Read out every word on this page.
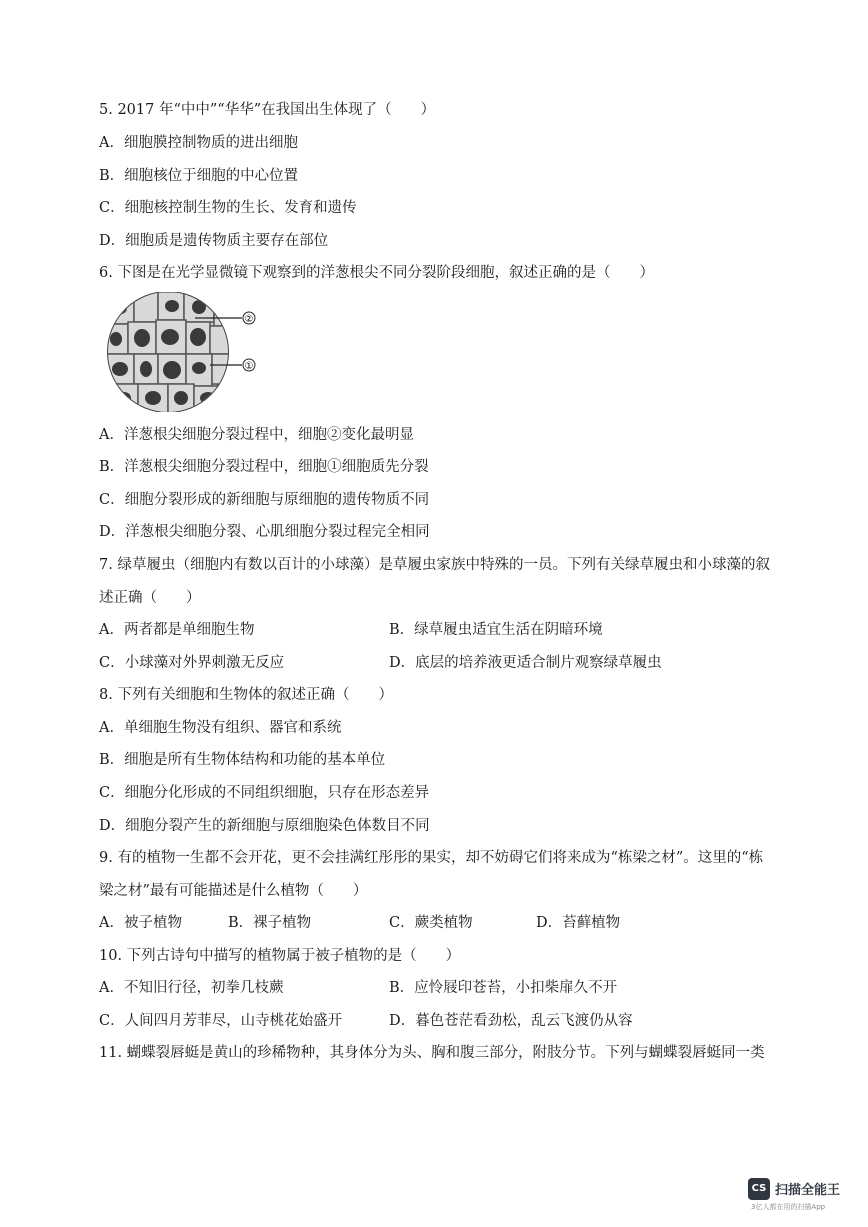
5. 2017 年“中中”“华华”在我国出生体现了（　　）
A．细胞膜控制物质的进出细胞
B．细胞核位于细胞的中心位置
C．细胞核控制生物的生长、发育和遗传
D．细胞质是遗传物质主要存在部位
6. 下图是在光学显微镜下观察到的洋葱根尖不同分裂阶段细胞，叙述正确的是（　　）
②
①
A．洋葱根尖细胞分裂过程中，细胞②变化最明显
B．洋葱根尖细胞分裂过程中，细胞①细胞质先分裂
C．细胞分裂形成的新细胞与原细胞的遗传物质不同
D．洋葱根尖细胞分裂、心肌细胞分裂过程完全相同
7. 绿草履虫（细胞内有数以百计的小球藻）是草履虫家族中特殊的一员。下列有关绿草履虫和小球藻的叙
述正确（　　）
A．两者都是单细胞生物	B．绿草履虫适宜生活在阴暗环境
C．小球藻对外界刺激无反应	D．底层的培养液更适合制片观察绿草履虫
8. 下列有关细胞和生物体的叙述正确（　　）
A．单细胞生物没有组织、器官和系统
B．细胞是所有生物体结构和功能的基本单位
C．细胞分化形成的不同组织细胞，只存在形态差异
D．细胞分裂产生的新细胞与原细胞染色体数目不同
9. 有的植物一生都不会开花，更不会挂满红彤彤的果实，却不妨碍它们将来成为“栋梁之材”。这里的“栋
梁之材”最有可能描述是什么植物（　　）
A．被子植物	B．裸子植物	C．蕨类植物	D．苔藓植物
10. 下列古诗句中描写的植物属于被子植物的是（　　）
A．不知旧行径，初拳几枝蕨	B．应怜屐印苍苔，小扣柴扉久不开
C．人间四月芳菲尽，山寺桃花始盛开	D．暮色苍茫看劲松，乱云飞渡仍从容
11. 蝴蝶裂唇蜓是黄山的珍稀物种，其身体分为头、胸和腹三部分，附肢分节。下列与蝴蝶裂唇蜓同一类
CS 扫描全能王
3亿人都在用的扫描App
